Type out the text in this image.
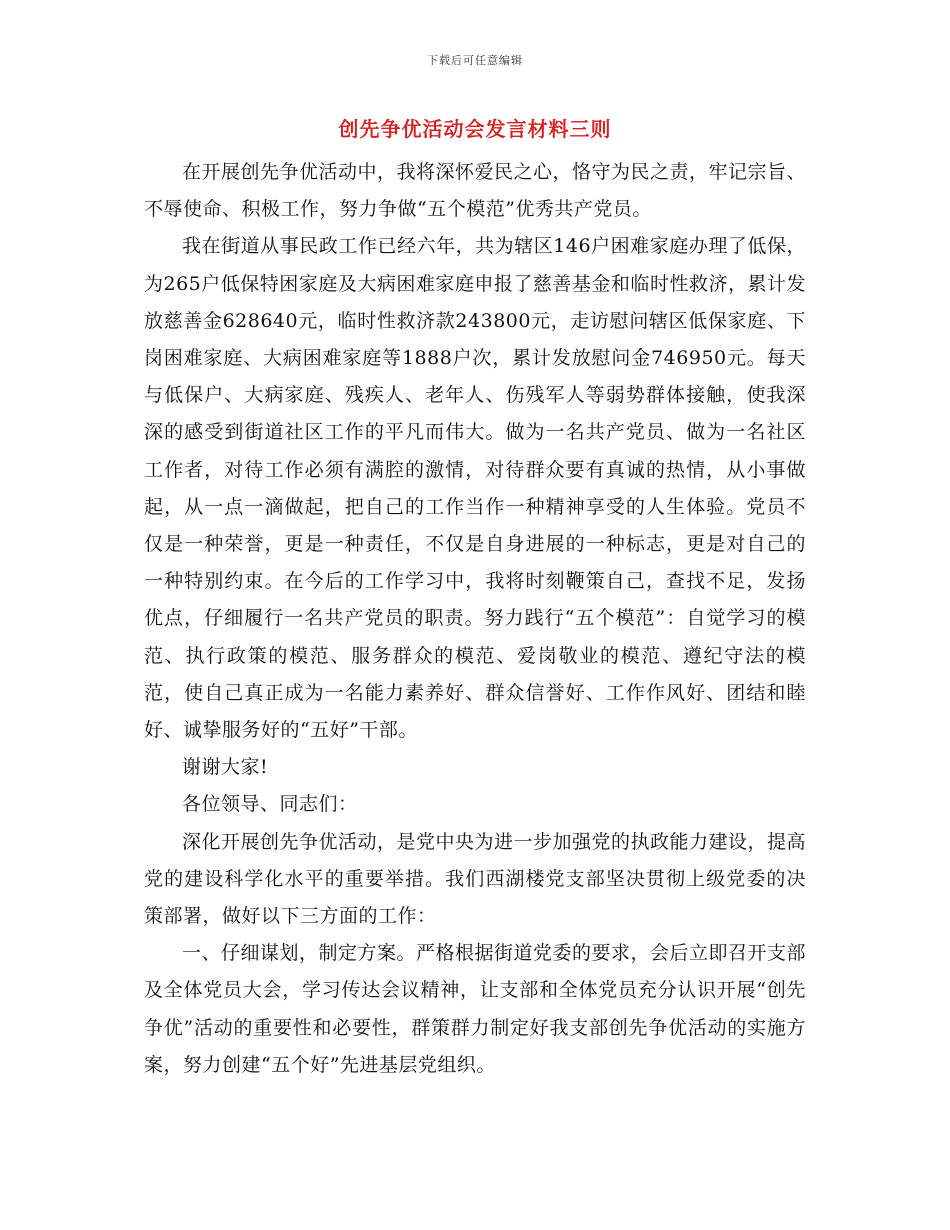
下载后可任意编辑
创先争优活动会发言材料三则

在开展创先争优活动中，我将深怀爱民之心，恪守为民之责，牢记宗旨、不辱使命、积极工作，努力争做“五个模范”优秀共产党员。

我在街道从事民政工作已经六年，共为辖区146户困难家庭办理了低保，为265户低保特困家庭及大病困难家庭申报了慈善基金和临时性救济，累计发放慈善金628640元，临时性救济款243800元，走访慰问辖区低保家庭、下岗困难家庭、大病困难家庭等1888户次，累计发放慰问金746950元。每天与低保户、大病家庭、残疾人、老年人、伤残军人等弱势群体接触，使我深深的感受到街道社区工作的平凡而伟大。做为一名共产党员、做为一名社区工作者，对待工作必须有满腔的激情，对待群众要有真诚的热情，从小事做起，从一点一滴做起，把自己的工作当作一种精神享受的人生体验。党员不仅是一种荣誉，更是一种责任，不仅是自身进展的一种标志，更是对自己的一种特别约束。在今后的工作学习中，我将时刻鞭策自己，查找不足，发扬优点，仔细履行一名共产党员的职责。努力践行“五个模范”：自觉学习的模范、执行政策的模范、服务群众的模范、爱岗敬业的模范、遵纪守法的模范，使自己真正成为一名能力素养好、群众信誉好、工作作风好、团结和睦好、诚挚服务好的“五好”干部。

谢谢大家!

各位领导、同志们：

深化开展创先争优活动，是党中央为进一步加强党的执政能力建设，提高党的建设科学化水平的重要举措。我们西湖楼党支部坚决贯彻上级党委的决策部署，做好以下三方面的工作：

一、仔细谋划，制定方案。严格根据街道党委的要求，会后立即召开支部及全体党员大会，学习传达会议精神，让支部和全体党员充分认识开展“创先争优”活动的重要性和必要性，群策群力制定好我支部创先争优活动的实施方案，努力创建“五个好”先进基层党组织。
